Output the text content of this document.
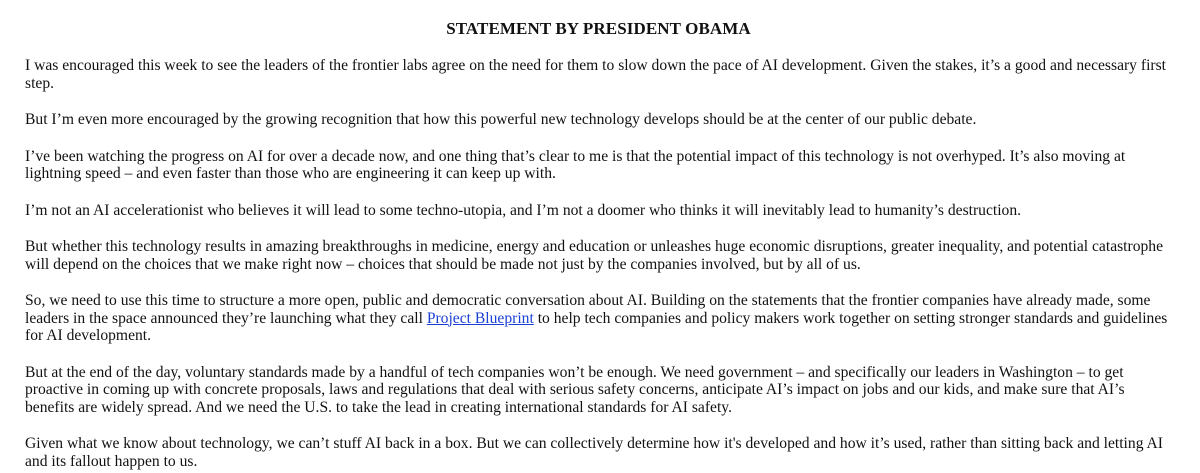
STATEMENT BY PRESIDENT OBAMA

I was encouraged this week to see the leaders of the frontier labs agree on the need for them to slow down the pace of AI development. Given the stakes, it’s a good and necessary first step.

But I’m even more encouraged by the growing recognition that how this powerful new technology develops should be at the center of our public debate.

I’ve been watching the progress on AI for over a decade now, and one thing that’s clear to me is that the potential impact of this technology is not overhyped. It’s also moving at lightning speed – and even faster than those who are engineering it can keep up with.

I’m not an AI accelerationist who believes it will lead to some techno-utopia, and I’m not a doomer who thinks it will inevitably lead to humanity’s destruction.

But whether this technology results in amazing breakthroughs in medicine, energy and education or unleashes huge economic disruptions, greater inequality, and potential catastrophe will depend on the choices that we make right now – choices that should be made not just by the companies involved, but by all of us.

So, we need to use this time to structure a more open, public and democratic conversation about AI. Building on the statements that the frontier companies have already made, some leaders in the space announced they’re launching what they call Project Blueprint to help tech companies and policy makers work together on setting stronger standards and guidelines for AI development.

But at the end of the day, voluntary standards made by a handful of tech companies won’t be enough. We need government – and specifically our leaders in Washington – to get proactive in coming up with concrete proposals, laws and regulations that deal with serious safety concerns, anticipate AI’s impact on jobs and our kids, and make sure that AI’s benefits are widely spread. And we need the U.S. to take the lead in creating international standards for AI safety.

Given what we know about technology, we can’t stuff AI back in a box. But we can collectively determine how it's developed and how it’s used, rather than sitting back and letting AI and its fallout happen to us.
